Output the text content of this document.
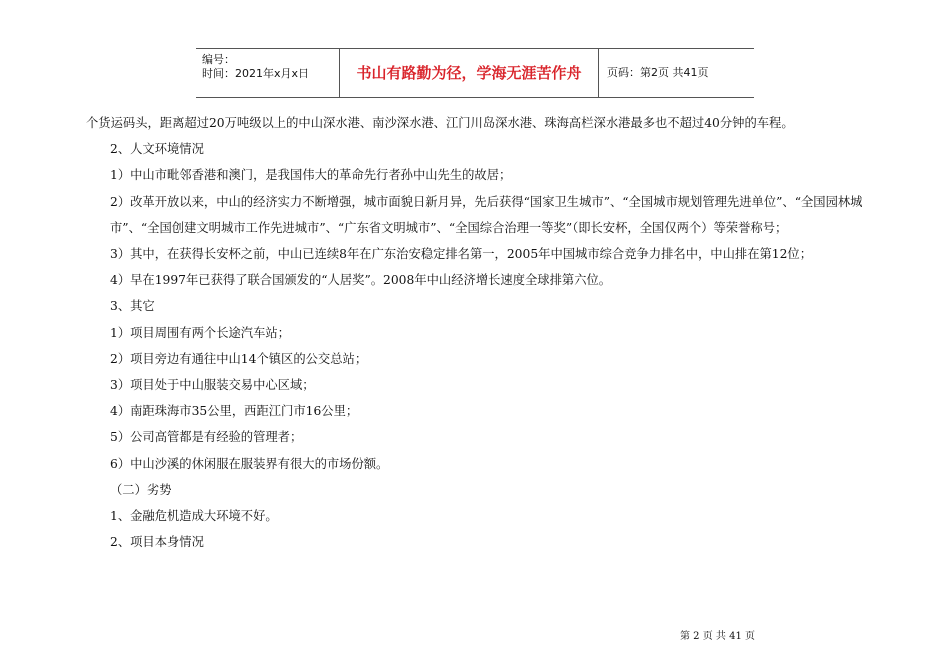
编号：
时间：2021年x月x日	书山有路勤为径，学海无涯苦作舟	页码：第2页 共41页

个货运码头，距离超过20万吨级以上的中山深水港、南沙深水港、江门川岛深水港、珠海高栏深水港最多也不超过40分钟的车程。

2、人文环境情况

1）中山市毗邻香港和澳门，是我国伟大的革命先行者孙中山先生的故居；

2）改革开放以来，中山的经济实力不断增强，城市面貌日新月异，先后获得“国家卫生城市”、“全国城市规划管理先进单位”、“全国园林城市”、“全国创建文明城市工作先进城市”、“广东省文明城市”、“全国综合治理一等奖”（即长安杯，全国仅两个）等荣誉称号；

3）其中，在获得长安杯之前，中山已连续8年在广东治安稳定排名第一，2005年中国城市综合竞争力排名中，中山排在第12位；

4）早在1997年已获得了联合国颁发的“人居奖”。2008年中山经济增长速度全球排第六位。

3、其它

1）项目周围有两个长途汽车站；

2）项目旁边有通往中山14个镇区的公交总站；

3）项目处于中山服装交易中心区域；

4）南距珠海市35公里，西距江门市16公里；

5）公司高管都是有经验的管理者；

6）中山沙溪的休闲服在服装界有很大的市场份额。

（二）劣势

1、金融危机造成大环境不好。

2、项目本身情况

第 2 页 共 41 页
